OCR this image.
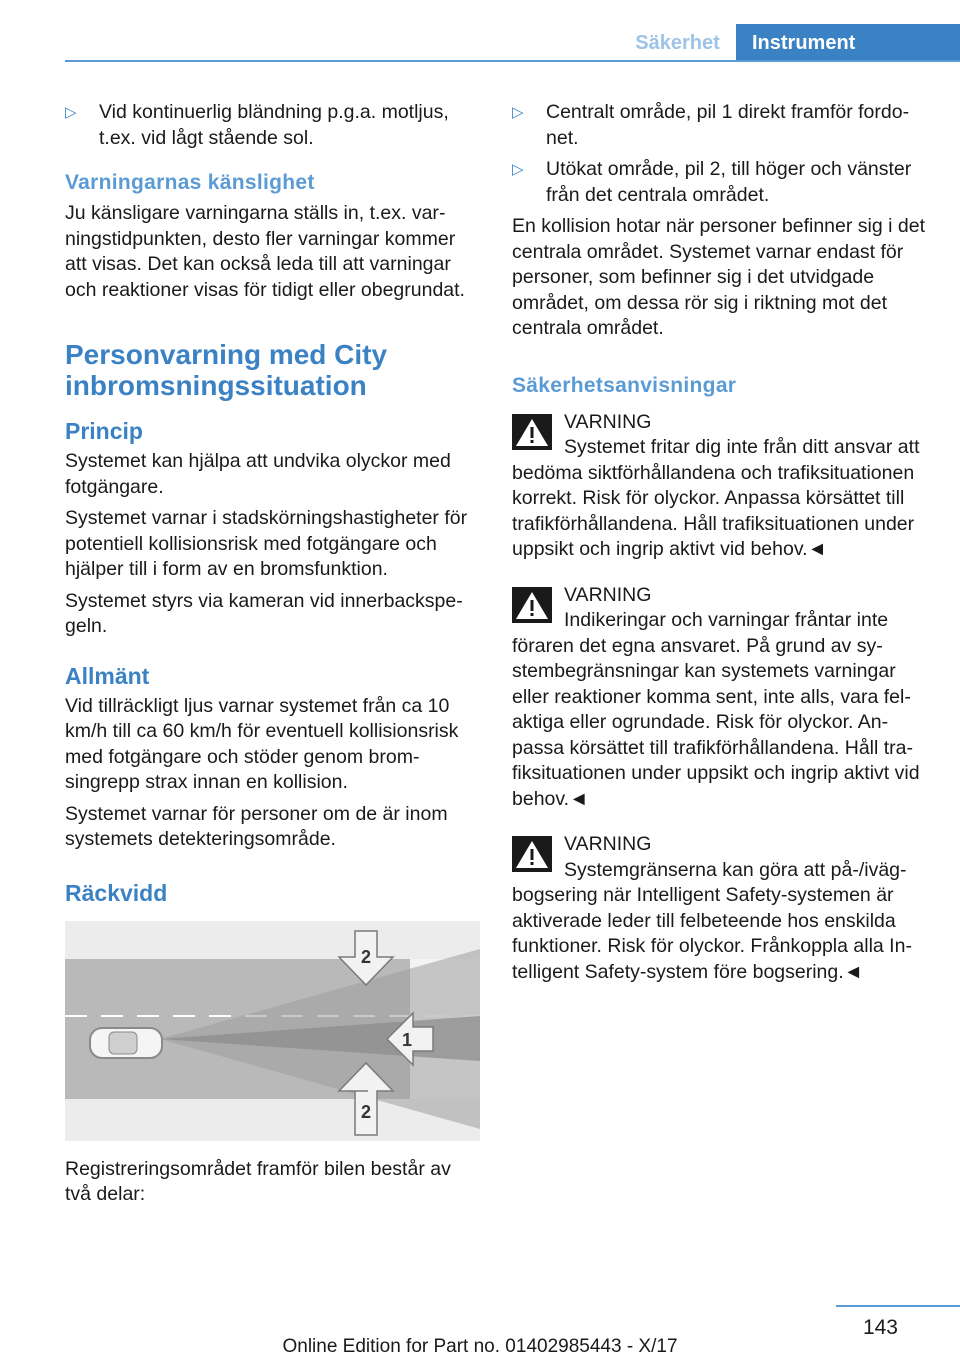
Säkerhet	Instrument
▷ Vid kontinuerlig bländning p.g.a. motljus, t.ex. vid lågt stående sol.
Varningarnas känslighet

Ju känsligare varningarna ställs in, t.ex. varningstidpunkten, desto fler varningar kommer att visas. Det kan också leda till att varningar och reaktioner visas för tidigt eller obegrundat.

Personvarning med City inbromsningssituation
Princip

Systemet kan hjälpa att undvika olyckor med fotgängare.

Systemet varnar i stadskörningshastigheter för potentiell kollisionsrisk med fotgängare och hjälper till i form av en bromsfunktion.

Systemet styrs via kameran vid innerbackspegeln.

Allmänt

Vid tillräckligt ljus varnar systemet från ca 10 km/h till ca 60 km/h för eventuell kollisionsrisk med fotgängare och stöder genom bromsingrepp strax innan en kollision.

Systemet varnar för personer om de är inom systemets detekteringsområde.

Räckvidd
2
1
2

Registreringsområdet framför bilen består av två delar:

▷ Centralt område, pil 1 direkt framför fordonet.
▷ Utökat område, pil 2, till höger och vänster från det centrala området.

En kollision hotar när personer befinner sig i det centrala området. Systemet varnar endast för personer, som befinner sig i det utvidgade området, om dessa rör sig i riktning mot det centrala området.

Säkerhetsanvisningar
VARNING
Systemet fritar dig inte från ditt ansvar att
bedöma siktförhållandena och trafiksituationen korrekt. Risk för olyckor. Anpassa körsättet till trafikförhållandena. Håll trafiksituationen under uppsikt och ingrip aktivt vid behov.◄
VARNING
Indikeringar och varningar fråntar inte
föraren det egna ansvaret. På grund av systembegränsningar kan systemets varningar eller reaktioner komma sent, inte alls, vara felaktiga eller ogrundade. Risk för olyckor. Anpassa körsättet till trafikförhållandena. Håll trafiksituationen under uppsikt och ingrip aktivt vid behov.◄
VARNING
Systemgränserna kan göra att på-/iväg-
bogsering när Intelligent Safety-systemen är aktiverade leder till felbeteende hos enskilda funktioner. Risk för olyckor. Frånkoppla alla Intelligent Safety-system före bogsering.◄
143
Online Edition for Part no. 01402985443 - X/17
